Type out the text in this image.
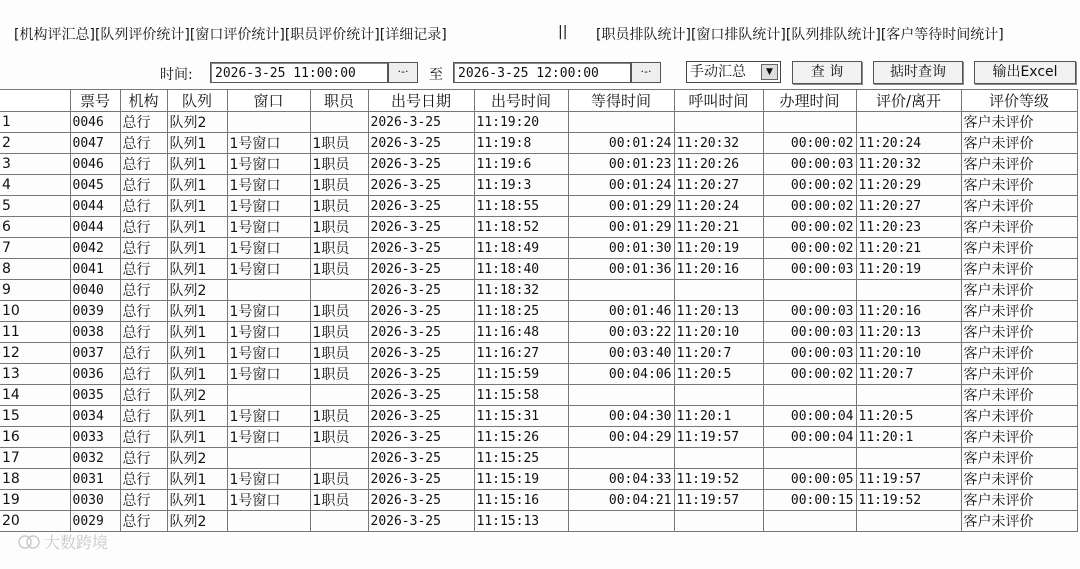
[机构评汇总] [队列评价统计] [窗口评价统计] [职员评价统计] [详细记录]	|| [职员排队统计] [窗口排队统计] [队列排队统计] [客户等待时间统计]
时间:	2026-3-25 11:00:00	·-·	至	2026-3-25 12:00:00	·-·	手动汇总	▼	查 询	掂时查询	输出Excel
	票号	机构	队列	窗口	职员	出号日期	出号时间	等得时间	呼叫时间	办理时间	评价/离开	评价等级
1	0046	总行	队列2			2026-3-25	11:19:20					客户未评价
2	0047	总行	队列1	1号窗口	1职员	2026-3-25	11:19:8	00:01:24	11:20:32	00:00:02	11:20:24	客户未评价
3	0046	总行	队列1	1号窗口	1职员	2026-3-25	11:19:6	00:01:23	11:20:26	00:00:03	11:20:32	客户未评价
4	0045	总行	队列1	1号窗口	1职员	2026-3-25	11:19:3	00:01:24	11:20:27	00:00:02	11:20:29	客户未评价
5	0044	总行	队列1	1号窗口	1职员	2026-3-25	11:18:55	00:01:29	11:20:24	00:00:02	11:20:27	客户未评价
6	0044	总行	队列1	1号窗口	1职员	2026-3-25	11:18:52	00:01:29	11:20:21	00:00:02	11:20:23	客户未评价
7	0042	总行	队列1	1号窗口	1职员	2026-3-25	11:18:49	00:01:30	11:20:19	00:00:02	11:20:21	客户未评价
8	0041	总行	队列1	1号窗口	1职员	2026-3-25	11:18:40	00:01:36	11:20:16	00:00:03	11:20:19	客户未评价
9	0040	总行	队列2			2026-3-25	11:18:32					客户未评价
10	0039	总行	队列1	1号窗口	1职员	2026-3-25	11:18:25	00:01:46	11:20:13	00:00:03	11:20:16	客户未评价
11	0038	总行	队列1	1号窗口	1职员	2026-3-25	11:16:48	00:03:22	11:20:10	00:00:03	11:20:13	客户未评价
12	0037	总行	队列1	1号窗口	1职员	2026-3-25	11:16:27	00:03:40	11:20:7	00:00:03	11:20:10	客户未评价
13	0036	总行	队列1	1号窗口	1职员	2026-3-25	11:15:59	00:04:06	11:20:5	00:00:02	11:20:7	客户未评价
14	0035	总行	队列2			2026-3-25	11:15:58					客户未评价
15	0034	总行	队列1	1号窗口	1职员	2026-3-25	11:15:31	00:04:30	11:20:1	00:00:04	11:20:5	客户未评价
16	0033	总行	队列1	1号窗口	1职员	2026-3-25	11:15:26	00:04:29	11:19:57	00:00:04	11:20:1	客户未评价
17	0032	总行	队列2			2026-3-25	11:15:25					客户未评价
18	0031	总行	队列1	1号窗口	1职员	2026-3-25	11:15:19	00:04:33	11:19:52	00:00:05	11:19:57	客户未评价
19	0030	总行	队列1	1号窗口	1职员	2026-3-25	11:15:16	00:04:21	11:19:57	00:00:15	11:19:52	客户未评价
20	0029	总行	队列2			2026-3-25	11:15:13					客户未评价
大数跨境
